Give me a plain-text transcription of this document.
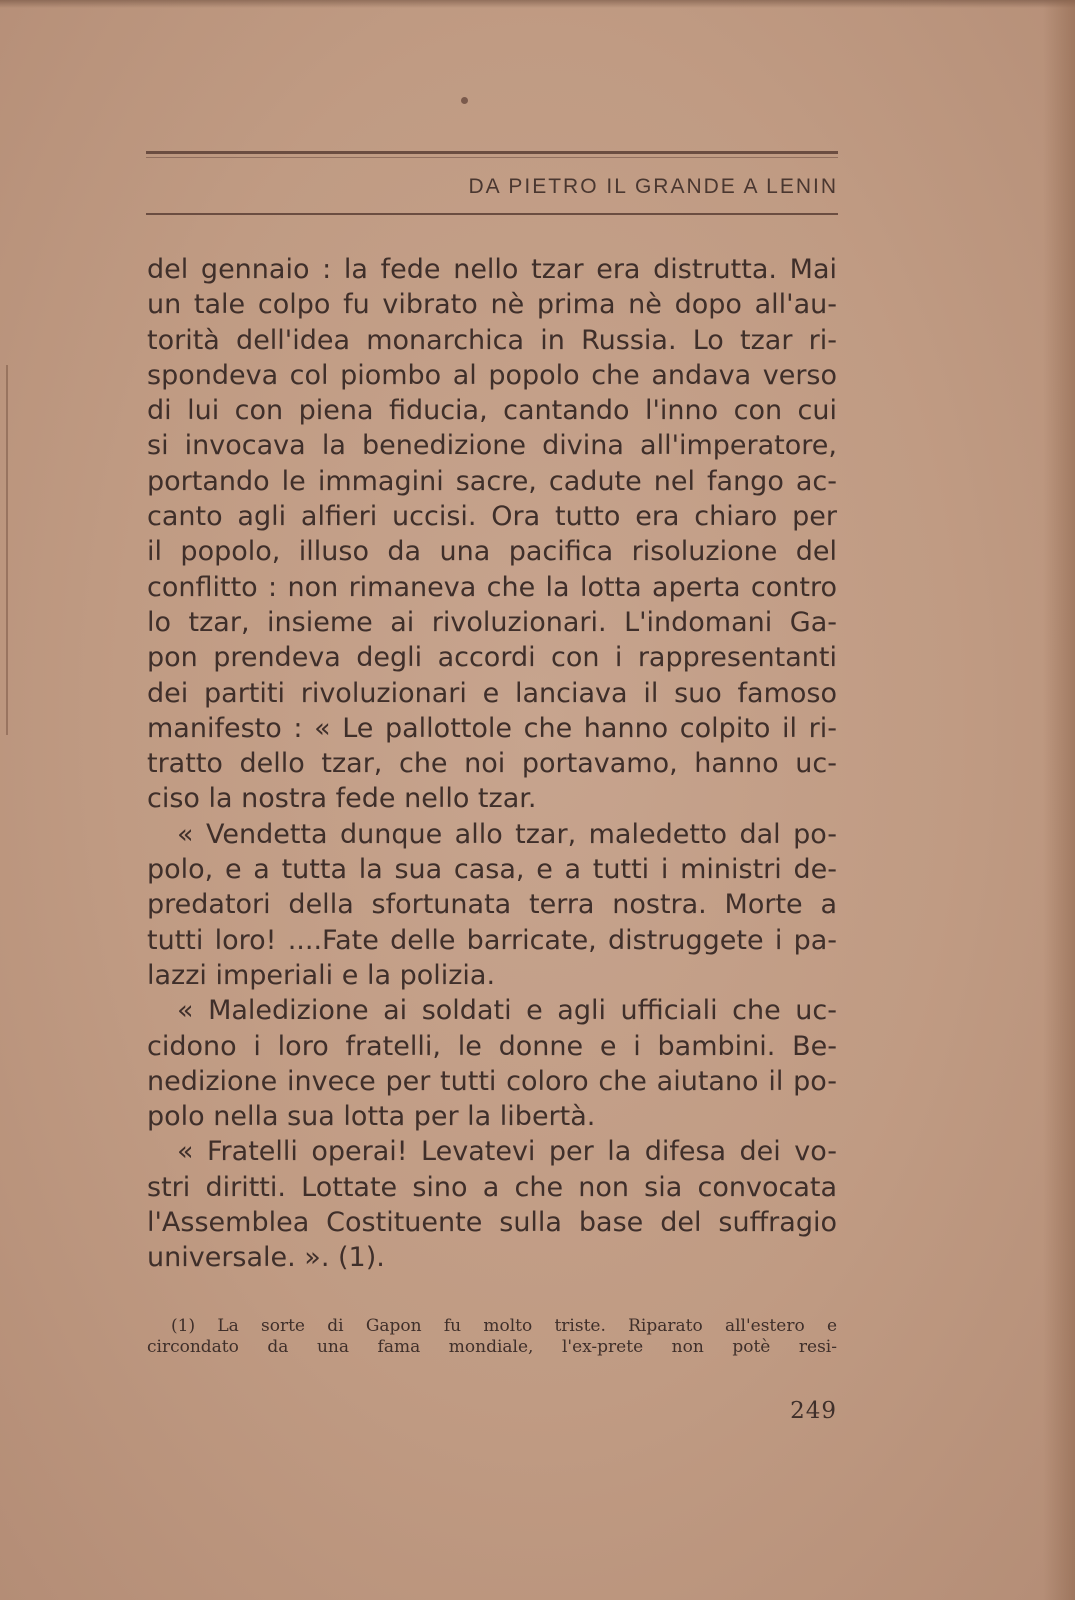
DA PIETRO IL GRANDE A LENIN
del gennaio : la fede nello tzar era distrutta. Mai
un tale colpo fu vibrato nè prima nè dopo all'au-
torità dell'idea monarchica in Russia. Lo tzar ri-
spondeva col piombo al popolo che andava verso
di lui con piena fiducia, cantando l'inno con cui
si invocava la benedizione divina all'imperatore,
portando le immagini sacre, cadute nel fango ac-
canto agli alfieri uccisi. Ora tutto era chiaro per
il popolo, illuso da una pacifica risoluzione del
conflitto : non rimaneva che la lotta aperta contro
lo tzar, insieme ai rivoluzionari. L'indomani Ga-
pon prendeva degli accordi con i rappresentanti
dei partiti rivoluzionari e lanciava il suo famoso
manifesto : « Le pallottole che hanno colpito il ri-
tratto dello tzar, che noi portavamo, hanno uc-
ciso la nostra fede nello tzar.
« Vendetta dunque allo tzar, maledetto dal po-
polo, e a tutta la sua casa, e a tutti i ministri de-
predatori della sfortunata terra nostra. Morte a
tutti loro! ....Fate delle barricate, distruggete i pa-
lazzi imperiali e la polizia.
« Maledizione ai soldati e agli ufficiali che uc-
cidono i loro fratelli, le donne e i bambini. Be-
nedizione invece per tutti coloro che aiutano il po-
polo nella sua lotta per la libertà.
« Fratelli operai! Levatevi per la difesa dei vo-
stri diritti. Lottate sino a che non sia convocata
l'Assemblea Costituente sulla base del suffragio
universale. ». (1).
(1) La sorte di Gapon fu molto triste. Riparato all'estero e
circondato da una fama mondiale, l'ex-prete non potè resi-
249
